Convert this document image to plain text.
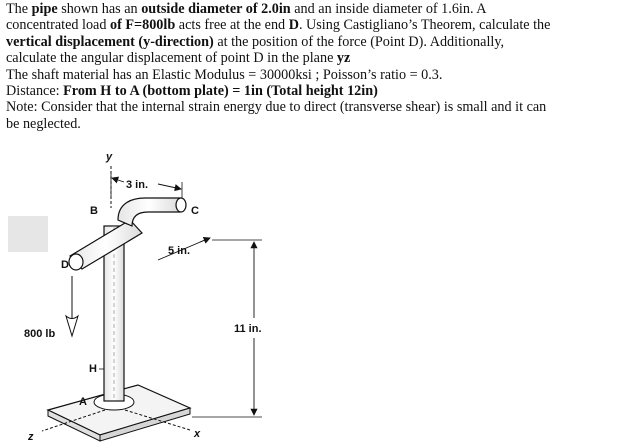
The pipe shown has an outside diameter of 2.0in and an inside diameter of 1.6in. A

concentrated load of F=800lb acts free at the end D. Using Castigliano’s Theorem, calculate the

vertical displacement (y-direction) at the position of the force (Point D). Additionally,

calculate the angular displacement of point D in the plane yz

The shaft material has an Elastic Modulus = 30000ksi ; Poisson’s ratio = 0.3.

Distance: From H to A (bottom plate) = 1in (Total height 12in)

Note: Consider that the internal strain energy due to direct (transverse shear) is small and it can

be neglected.

y
z	x
3 in.
5 in.
11 in.
800 lb
B	C
D
H
A
